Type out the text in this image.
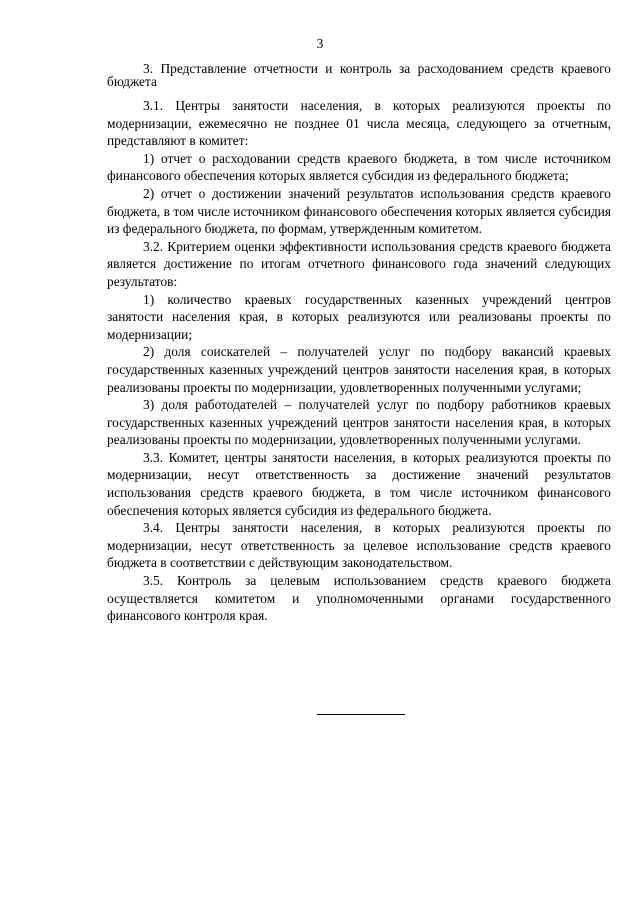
3

3. Представление отчетности и контроль за расходованием средств краевого бюджета

3.1. Центры занятости населения, в которых реализуются проекты по модернизации, ежемесячно не позднее 01 числа месяца, следующего за отчетным, представляют в комитет:

1) отчет о расходовании средств краевого бюджета, в том числе источником финансового обеспечения которых является субсидия из федерального бюджета;

2) отчет о достижении значений результатов использования средств краевого бюджета, в том числе источником финансового обеспечения которых является субсидия из федерального бюджета, по формам, утвержденным комитетом.

3.2. Критерием оценки эффективности использования средств краевого бюджета является достижение по итогам отчетного финансового года значений следующих результатов:

1) количество краевых государственных казенных учреждений центров занятости населения края, в которых реализуются или реализованы проекты по модернизации;

2) доля соискателей – получателей услуг по подбору вакансий краевых государственных казенных учреждений центров занятости населения края, в которых реализованы проекты по модернизации, удовлетворенных полученными услугами;

3) доля работодателей – получателей услуг по подбору работников краевых государственных казенных учреждений центров занятости населения края, в которых реализованы проекты по модернизации, удовлетворенных полученными услугами.

3.3. Комитет, центры занятости населения, в которых реализуются проекты по модернизации, несут ответственность за достижение значений результатов использования средств краевого бюджета, в том числе источником финансового обеспечения которых является субсидия из федерального бюджета.

3.4. Центры занятости населения, в которых реализуются проекты по модернизации, несут ответственность за целевое использование средств краевого бюджета в соответствии с действующим законодательством.

3.5. Контроль за целевым использованием средств краевого бюджета осуществляется комитетом и уполномоченными органами государственного финансового контроля края.
